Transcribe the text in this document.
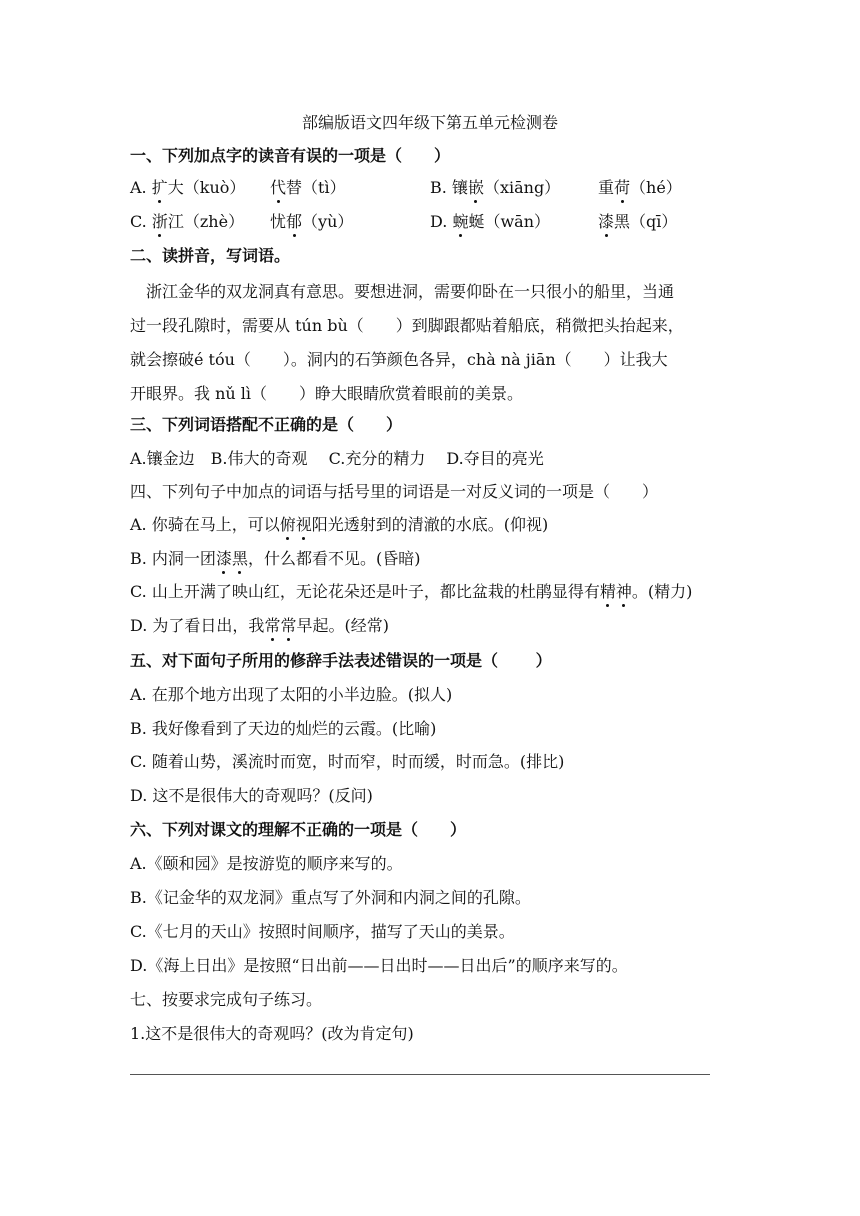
部编版语文四年级下第五单元检测卷
一、下列加点字的读音有误的一项是（　　）
A. 扩大（kuò） 代替（tì）	B. 镶嵌（xiāng） 重荷（hé）
C. 浙江（zhè） 忧郁（yù）	D. 蜿蜒（wān）	漆黑（qī）
二、读拼音，写词语。
　浙江金华的双龙洞真有意思。要想进洞，需要仰卧在一只很小的船里，当通
过一段孔隙时，需要从 tún bù（　　）到脚跟都贴着船底，稍微把头抬起来，
就会擦破é tóu（　　）。洞内的石笋颜色各异，chà nà jiān（　　）让我大
开眼界。我 nǔ lì（　　）睁大眼睛欣赏着眼前的美景。
三、下列词语搭配不正确的是（　　）
A.镶金边　B.伟大的奇观　 C.充分的精力　 D.夺目的亮光
四、下列句子中加点的词语与括号里的词语是一对反义词的一项是（　　）
A. 你骑在马上，可以俯视阳光透射到的清澈的水底。(仰视)
B. 内洞一团漆黑，什么都看不见。(昏暗)
C. 山上开满了映山红，无论花朵还是叶子，都比盆栽的杜鹃显得有精神。(精力)
D. 为了看日出，我常常早起。(经常)
五、对下面句子所用的修辞手法表述错误的一项是（　　 ）
A. 在那个地方出现了太阳的小半边脸。(拟人)
B. 我好像看到了天边的灿烂的云霞。(比喻)
C. 随着山势，溪流时而宽，时而窄，时而缓，时而急。(排比)
D. 这不是很伟大的奇观吗？(反问)
六、下列对课文的理解不正确的一项是（　　）
A.《颐和园》是按游览的顺序来写的。
B.《记金华的双龙洞》重点写了外洞和内洞之间的孔隙。
C.《七月的天山》按照时间顺序，描写了天山的美景。
D.《海上日出》是按照“日出前——日出时——日出后”的顺序来写的。
七、按要求完成句子练习。
1.这不是很伟大的奇观吗？(改为肯定句)
